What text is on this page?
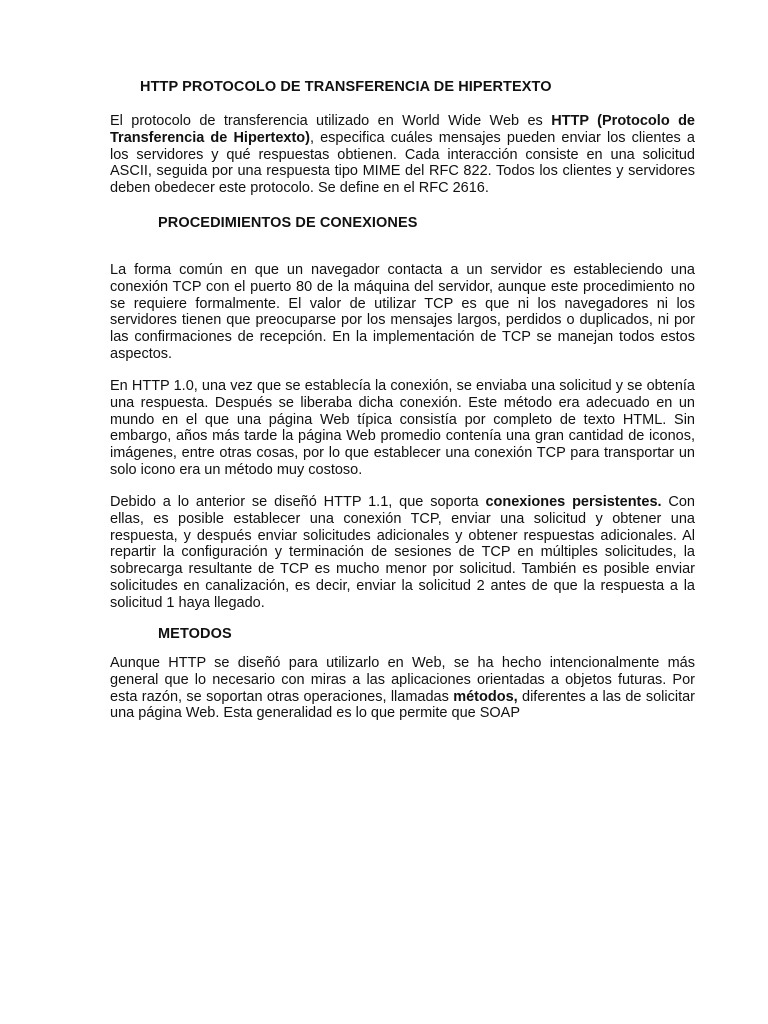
HTTP PROTOCOLO DE TRANSFERENCIA DE HIPERTEXTO

El protocolo de transferencia utilizado en World Wide Web es HTTP (Protocolo de Transferencia de Hipertexto), especifica cuáles mensajes pueden enviar los clientes a los servidores y qué respuestas obtienen. Cada interacción consiste en una solicitud ASCII, seguida por una respuesta tipo MIME del RFC 822. Todos los clientes y servidores deben obedecer este protocolo. Se define en el RFC 2616.

PROCEDIMIENTOS DE CONEXIONES

La forma común en que un navegador contacta a un servidor es estableciendo una conexión TCP con el puerto 80 de la máquina del servidor, aunque este procedimiento no se requiere formalmente. El valor de utilizar TCP es que ni los navegadores ni los servidores tienen que preocuparse por los mensajes largos, perdidos o duplicados, ni por las confirmaciones de recepción. En la implementación de TCP se manejan todos estos aspectos.

En HTTP 1.0, una vez que se establecía la conexión, se enviaba una solicitud y se obtenía una respuesta. Después se liberaba dicha conexión. Este método era adecuado en un mundo en el que una página Web típica consistía por completo de texto HTML. Sin embargo, años más tarde la página Web promedio contenía una gran cantidad de iconos, imágenes, entre otras cosas, por lo que establecer una conexión TCP para transportar un solo icono era un método muy costoso.

Debido a lo anterior se diseñó HTTP 1.1, que soporta conexiones persistentes. Con ellas, es posible establecer una conexión TCP, enviar una solicitud y obtener una respuesta, y después enviar solicitudes adicionales y obtener respuestas adicionales. Al repartir la configuración y terminación de sesiones de TCP en múltiples solicitudes, la sobrecarga resultante de TCP es mucho menor por solicitud. También es posible enviar solicitudes en canalización, es decir, enviar la solicitud 2 antes de que la respuesta a la solicitud 1 haya llegado.

METODOS

Aunque HTTP se diseñó para utilizarlo en Web, se ha hecho intencionalmente más general que lo necesario con miras a las aplicaciones orientadas a objetos futuras. Por esta razón, se soportan otras operaciones, llamadas métodos, diferentes a las de solicitar una página Web. Esta generalidad es lo que permite que SOAP
